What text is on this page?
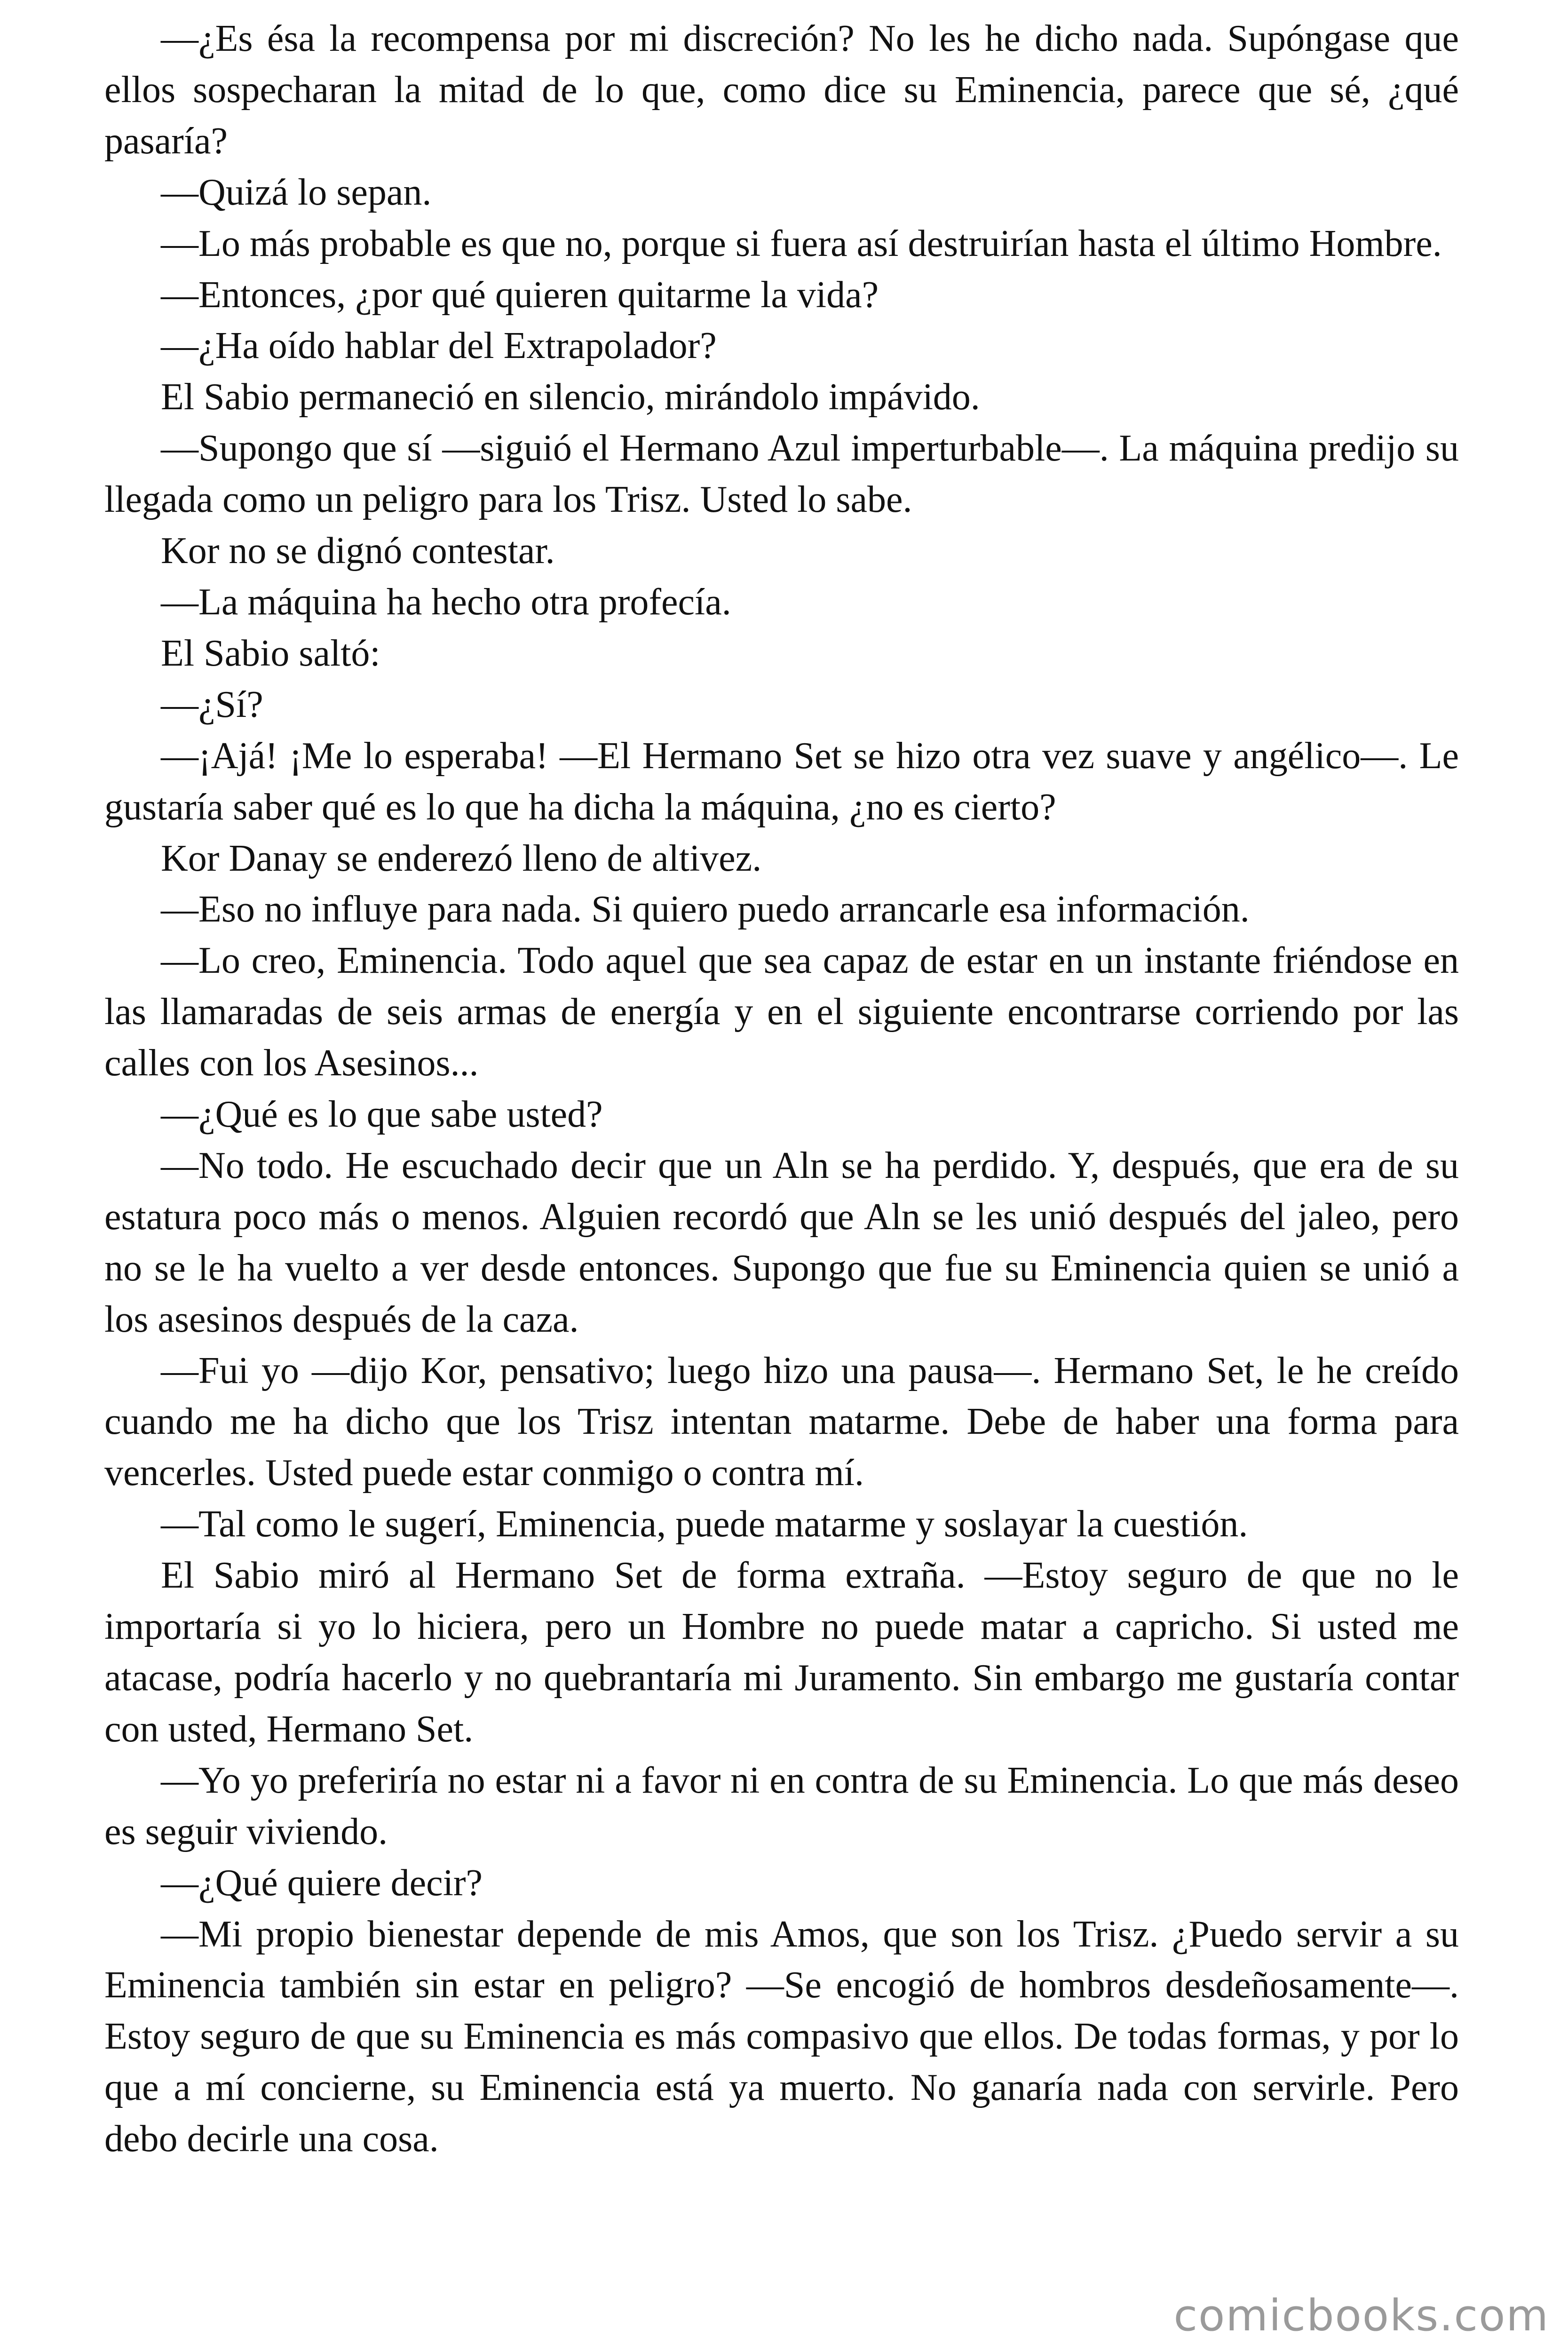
—¿Es ésa la recompensa por mi discreción? No les he dicho nada. Supóngase que ellos sospecharan la mitad de lo que, como dice su Eminencia, parece que sé, ¿qué pasaría?

—Quizá lo sepan.

—Lo más probable es que no, porque si fuera así destruirían hasta el último Hombre.

—Entonces, ¿por qué quieren quitarme la vida?

—¿Ha oído hablar del Extrapolador?

El Sabio permaneció en silencio, mirándolo impávido.

—Supongo que sí —siguió el Hermano Azul imperturbable—. La máquina predijo su llegada como un peligro para los Trisz. Usted lo sabe.

Kor no se dignó contestar.

—La máquina ha hecho otra profecía.

El Sabio saltó:

—¿Sí?

—¡Ajá! ¡Me lo esperaba! —El Hermano Set se hizo otra vez suave y angélico—. Le gustaría saber qué es lo que ha dicha la máquina, ¿no es cierto?

Kor Danay se enderezó lleno de altivez.

—Eso no influye para nada. Si quiero puedo arrancarle esa información.

—Lo creo, Eminencia. Todo aquel que sea capaz de estar en un instante friéndose en las llamaradas de seis armas de energía y en el siguiente encontrarse corriendo por las calles con los Asesinos...

—¿Qué es lo que sabe usted?

—No todo. He escuchado decir que un Aln se ha perdido. Y, después, que era de su estatura poco más o menos. Alguien recordó que Aln se les unió después del jaleo, pero no se le ha vuelto a ver desde entonces. Supongo que fue su Eminencia quien se unió a los asesinos después de la caza.

—Fui yo —dijo Kor, pensativo; luego hizo una pausa—. Hermano Set, le he creído cuando me ha dicho que los Trisz intentan matarme. Debe de haber una forma para vencerles. Usted puede estar conmigo o contra mí.

—Tal como le sugerí, Eminencia, puede matarme y soslayar la cuestión.

El Sabio miró al Hermano Set de forma extraña. —Estoy seguro de que no le importaría si yo lo hiciera, pero un Hombre no puede matar a capricho. Si usted me atacase, podría hacerlo y no quebrantaría mi Juramento. Sin embargo me gustaría contar con usted, Hermano Set.

—Yo yo preferiría no estar ni a favor ni en contra de su Eminencia. Lo que más deseo es seguir viviendo.

—¿Qué quiere decir?

—Mi propio bienestar depende de mis Amos, que son los Trisz. ¿Puedo servir a su Eminencia también sin estar en peligro? —Se encogió de hombros desdeñosamente—. Estoy seguro de que su Eminencia es más compasivo que ellos. De todas formas, y por lo que a mí concierne, su Eminencia está ya muerto. No ganaría nada con servirle. Pero debo decirle una cosa.

comicbooks.com
